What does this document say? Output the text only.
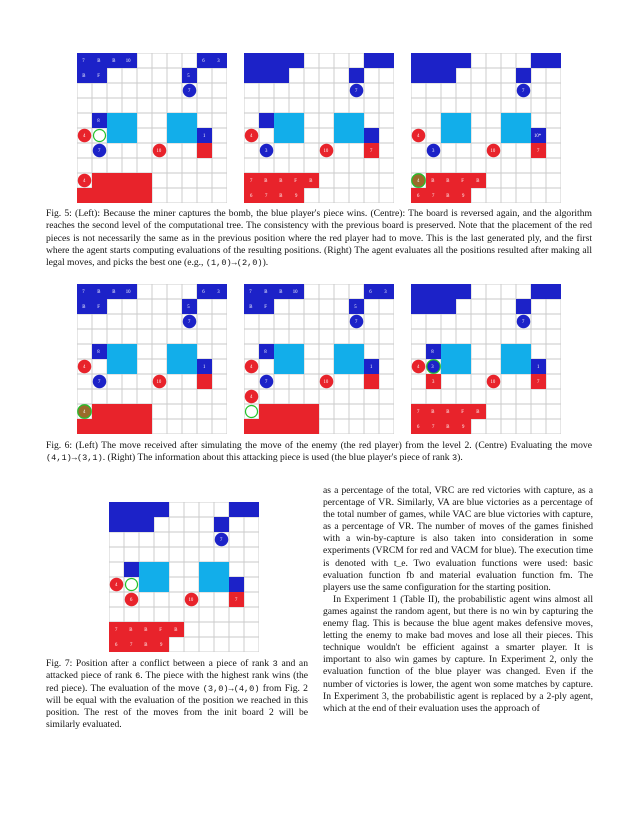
Fig. 5: (Left): Because the miner captures the bomb, the blue player's piece wins. (Centre): The board is reversed again, and the algorithm reaches the second level of the computational tree. The consistency with the previous board is preserved. Note that the placement of the red pieces is not necessarily the same as in the previous position where the red player had to move. This is the last generated ply, and the first where the agent starts computing evaluations of the resulting positions. (Right) The agent evaluates all the positions resulted after making all legal moves, and picks the best one (e.g., (1,0)→(2,0)).
Fig. 6: (Left) The move received after simulating the move of the enemy (the red player) from the level 2. (Centre) Evaluating the move (4,1)→(3,1). (Right) The information about this attacking piece is used (the blue player's piece of rank 3).
Fig. 7: Position after a conflict between a piece of rank 3 and an attacked piece of rank 6. The piece with the highest rank wins (the red piece). The evaluation of the move (3,0)→(4,0) from Fig. 2 will be equal with the evaluation of the position we reached in this position. The rest of the moves from the init board 2 will be similarly evaluated.

as a percentage of the total, VRC are red victories with capture, as a percentage of VR. Similarly, VA are blue victories as a percentage of the total number of games, while VAC are blue victories with capture, as a percentage of VR. The number of moves of the games finished with a win-by-capture is also taken into consideration in some experiments (VRCM for red and VACM for blue). The execution time is denoted with t_e. Two evaluation functions were used: basic evaluation function fb and material evaluation function fm. The players use the same configuration for the starting position.

In Experiment 1 (Table II), the probabilistic agent wins almost all games against the random agent, but there is no win by capturing the enemy flag. This is because the blue agent makes defensive moves, letting the enemy to make bad moves and lose all their pieces. This technique wouldn't be efficient against a smarter player. It is important to also win games by capture. In Experiment 2, only the evaluation function of the blue player was changed. Even if the number of victories is lower, the agent won some matches by capture. In Experiment 3, the probabilistic agent is replaced by a 2-ply agent, which at the end of their evaluation uses the approach of
